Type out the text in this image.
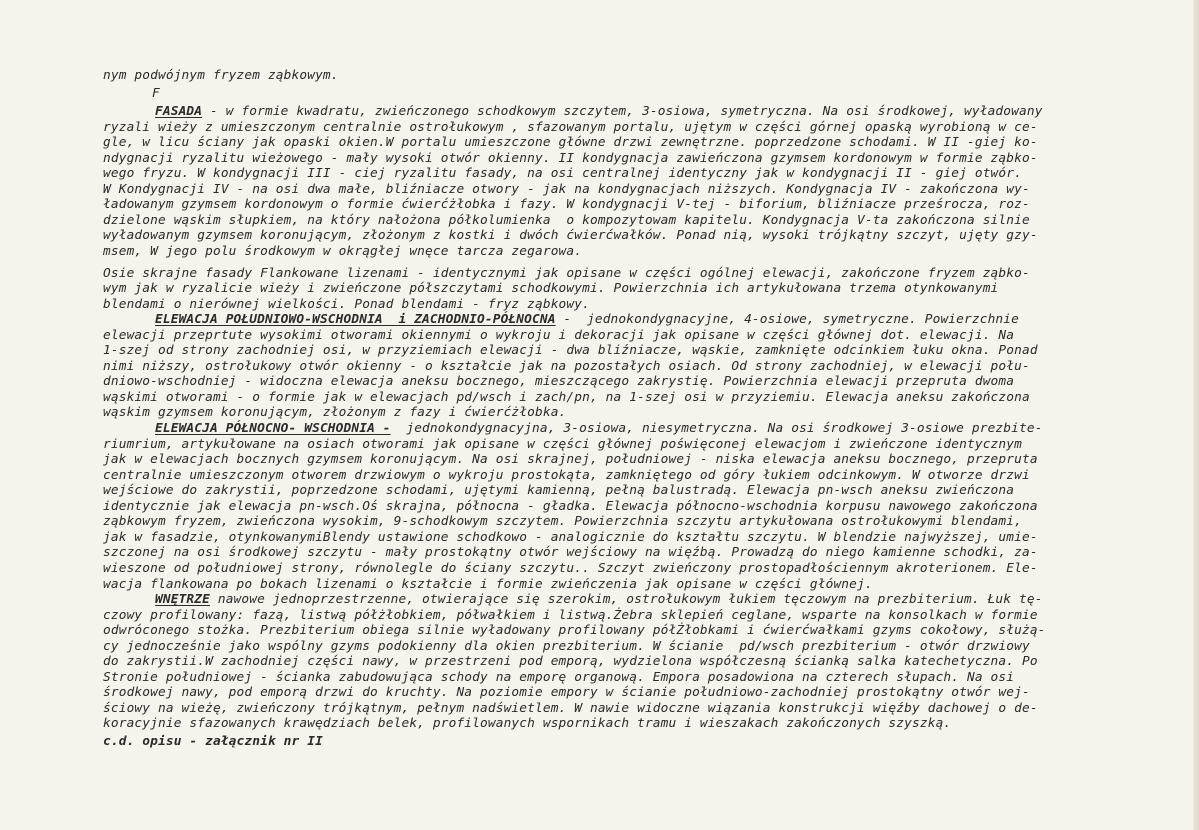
nym podwójnym fryzem ząbkowym.
F
FASADA - w formie kwadratu, zwieńczonego schodkowym szczytem, 3-osiowa, symetryczna. Na osi środkowej, wyładowany
ryzali wieży z umieszczonym centralnie ostrołukowym , sfazowanym portalu, ujętym w części górnej opaską wyrobioną w ce-
gle, w licu ściany jak opaski okien.W portalu umieszczone główne drzwi zewnętrzne. poprzedzone schodami. W II -giej ko-
ndygnacji ryzalitu wieżowego - mały wysoki otwór okienny. II kondygnacja zawieńczona gzymsem kordonowym w formie ząbko-
wego fryzu. W kondygnacji III - ciej ryzalitu fasady, na osi centralnej identyczny jak w kondygnacji II - giej otwór.
W Kondygnacji IV - na osi dwa małe, bliźniacze otwory - jak na kondygnacjach niższych. Kondygnacja IV - zakończona wy-
ładowanym gzymsem kordonowym o formie ćwierćżłobka i fazy. W kondygnacji V-tej - biforium, bliźniacze prześrocza, roz-
dzielone wąskim słupkiem, na który nałożona półkolumienka  o kompozytowam kapitelu. Kondygnacja V-ta zakończona silnie
wyładowanym gzymsem koronującym, złożonym z kostki i dwóch ćwierćwałków. Ponad nią, wysoki trójkątny szczyt, ujęty gzy-
msem, W jego polu środkowym w okrągłej wnęce tarcza zegarowa.
Osie skrajne fasady Flankowane lizenami - identycznymi jak opisane w części ogólnej elewacji, zakończone fryzem ząbko-
wym jak w ryzalicie wieży i zwieńczone półszczytami schodkowymi. Powierzchnia ich artykułowana trzema otynkowanymi
blendami o nierównej wielkości. Ponad blendami - fryz ząbkowy.
ELEWACJA POŁUDNIOWO-WSCHODNIA  i ZACHODNIO-PÓŁNOCNA -  jednokondygnacyjne, 4-osiowe, symetryczne. Powierzchnie
elewacji przeprtute wysokimi otworami okiennymi o wykroju i dekoracji jak opisane w części głównej dot. elewacji. Na
1-szej od strony zachodniej osi, w przyziemiach elewacji - dwa bliźniacze, wąskie, zamknięte odcinkiem łuku okna. Ponad
nimi niższy, ostrołukowy otwór okienny - o kształcie jak na pozostałych osiach. Od strony zachodniej, w elewacji połu-
dniowo-wschodniej - widoczna elewacja aneksu bocznego, mieszczącego zakrystię. Powierzchnia elewacji przepruta dwoma
wąskimi otworami - o formie jak w elewacjach pd/wsch i zach/pn, na 1-szej osi w przyziemiu. Elewacja aneksu zakończona
wąskim gzymsem koronującym, złożonym z fazy i ćwierćżłobka.
ELEWACJA PÓŁNOCNO- WSCHODNIA -  jednokondygnacyjna, 3-osiowa, niesymetryczna. Na osi środkowej 3-osiowe prezbite-
riumrium, artykułowane na osiach otworami jak opisane w części głównej poświęconej elewacjom i zwieńczone identycznym
jak w elewacjach bocznych gzymsem koronującym. Na osi skrajnej, południowej - niska elewacja aneksu bocznego, przepruta
centralnie umieszczonym otworem drzwiowym o wykroju prostokąta, zamkniętego od góry łukiem odcinkowym. W otworze drzwi
wejściowe do zakrystii, poprzedzone schodami, ujętymi kamienną, pełną balustradą. Elewacja pn-wsch aneksu zwieńczona
identycznie jak elewacja pn-wsch.Oś skrajna, północna - gładka. Elewacja północno-wschodnia korpusu nawowego zakończona
ząbkowym fryzem, zwieńczona wysokim, 9-schodkowym szczytem. Powierzchnia szczytu artykułowana ostrołukowymi blendami,
jak w fasadzie, otynkowanymiBlendy ustawione schodkowo - analogicznie do kształtu szczytu. W blendzie najwyższej, umie-
szczonej na osi środkowej szczytu - mały prostokątny otwór wejściowy na więźbą. Prowadzą do niego kamienne schodki, za-
wieszone od południowej strony, równolegle do ściany szczytu.. Szczyt zwieńczony prostopadłościennym akroterionem. Ele-
wacja flankowana po bokach lizenami o kształcie i formie zwieńczenia jak opisane w części głównej.
WNĘTRZE nawowe jednoprzestrzenne, otwierające się szerokim, ostrołukowym łukiem tęczowym na prezbiterium. Łuk tę-
czowy profilowany: fazą, listwą półżłobkiem, półwałkiem i listwą.Żebra sklepień ceglane, wsparte na konsolkach w formie
odwróconego stożka. Prezbiterium obiega silnie wyładowany profilowany półŻłobkami i ćwierćwałkami gzyms cokołowy, służą-
cy jednocześnie jako wspólny gzyms podokienny dla okien prezbiterium. W ścianie  pd/wsch prezbiterium - otwór drzwiowy
do zakrystii.W zachodniej części nawy, w przestrzeni pod emporą, wydzielona współczesną ścianką salka katechetyczna. Po
Stronie południowej - ścianka zabudowująca schody na emporę organową. Empora posadowiona na czterech słupach. Na osi
środkowej nawy, pod emporą drzwi do kruchty. Na poziomie empory w ścianie południowo-zachodniej prostokątny otwór wej-
ściowy na wieżę, zwieńczony trójkątnym, pełnym nadświetlem. W nawie widoczne wiązania konstrukcji więźby dachowej o de-
koracyjnie sfazowanych krawędziach belek, profilowanych wspornikach tramu i wieszakach zakończonych szyszką.
c.d. opisu - załącznik nr II
